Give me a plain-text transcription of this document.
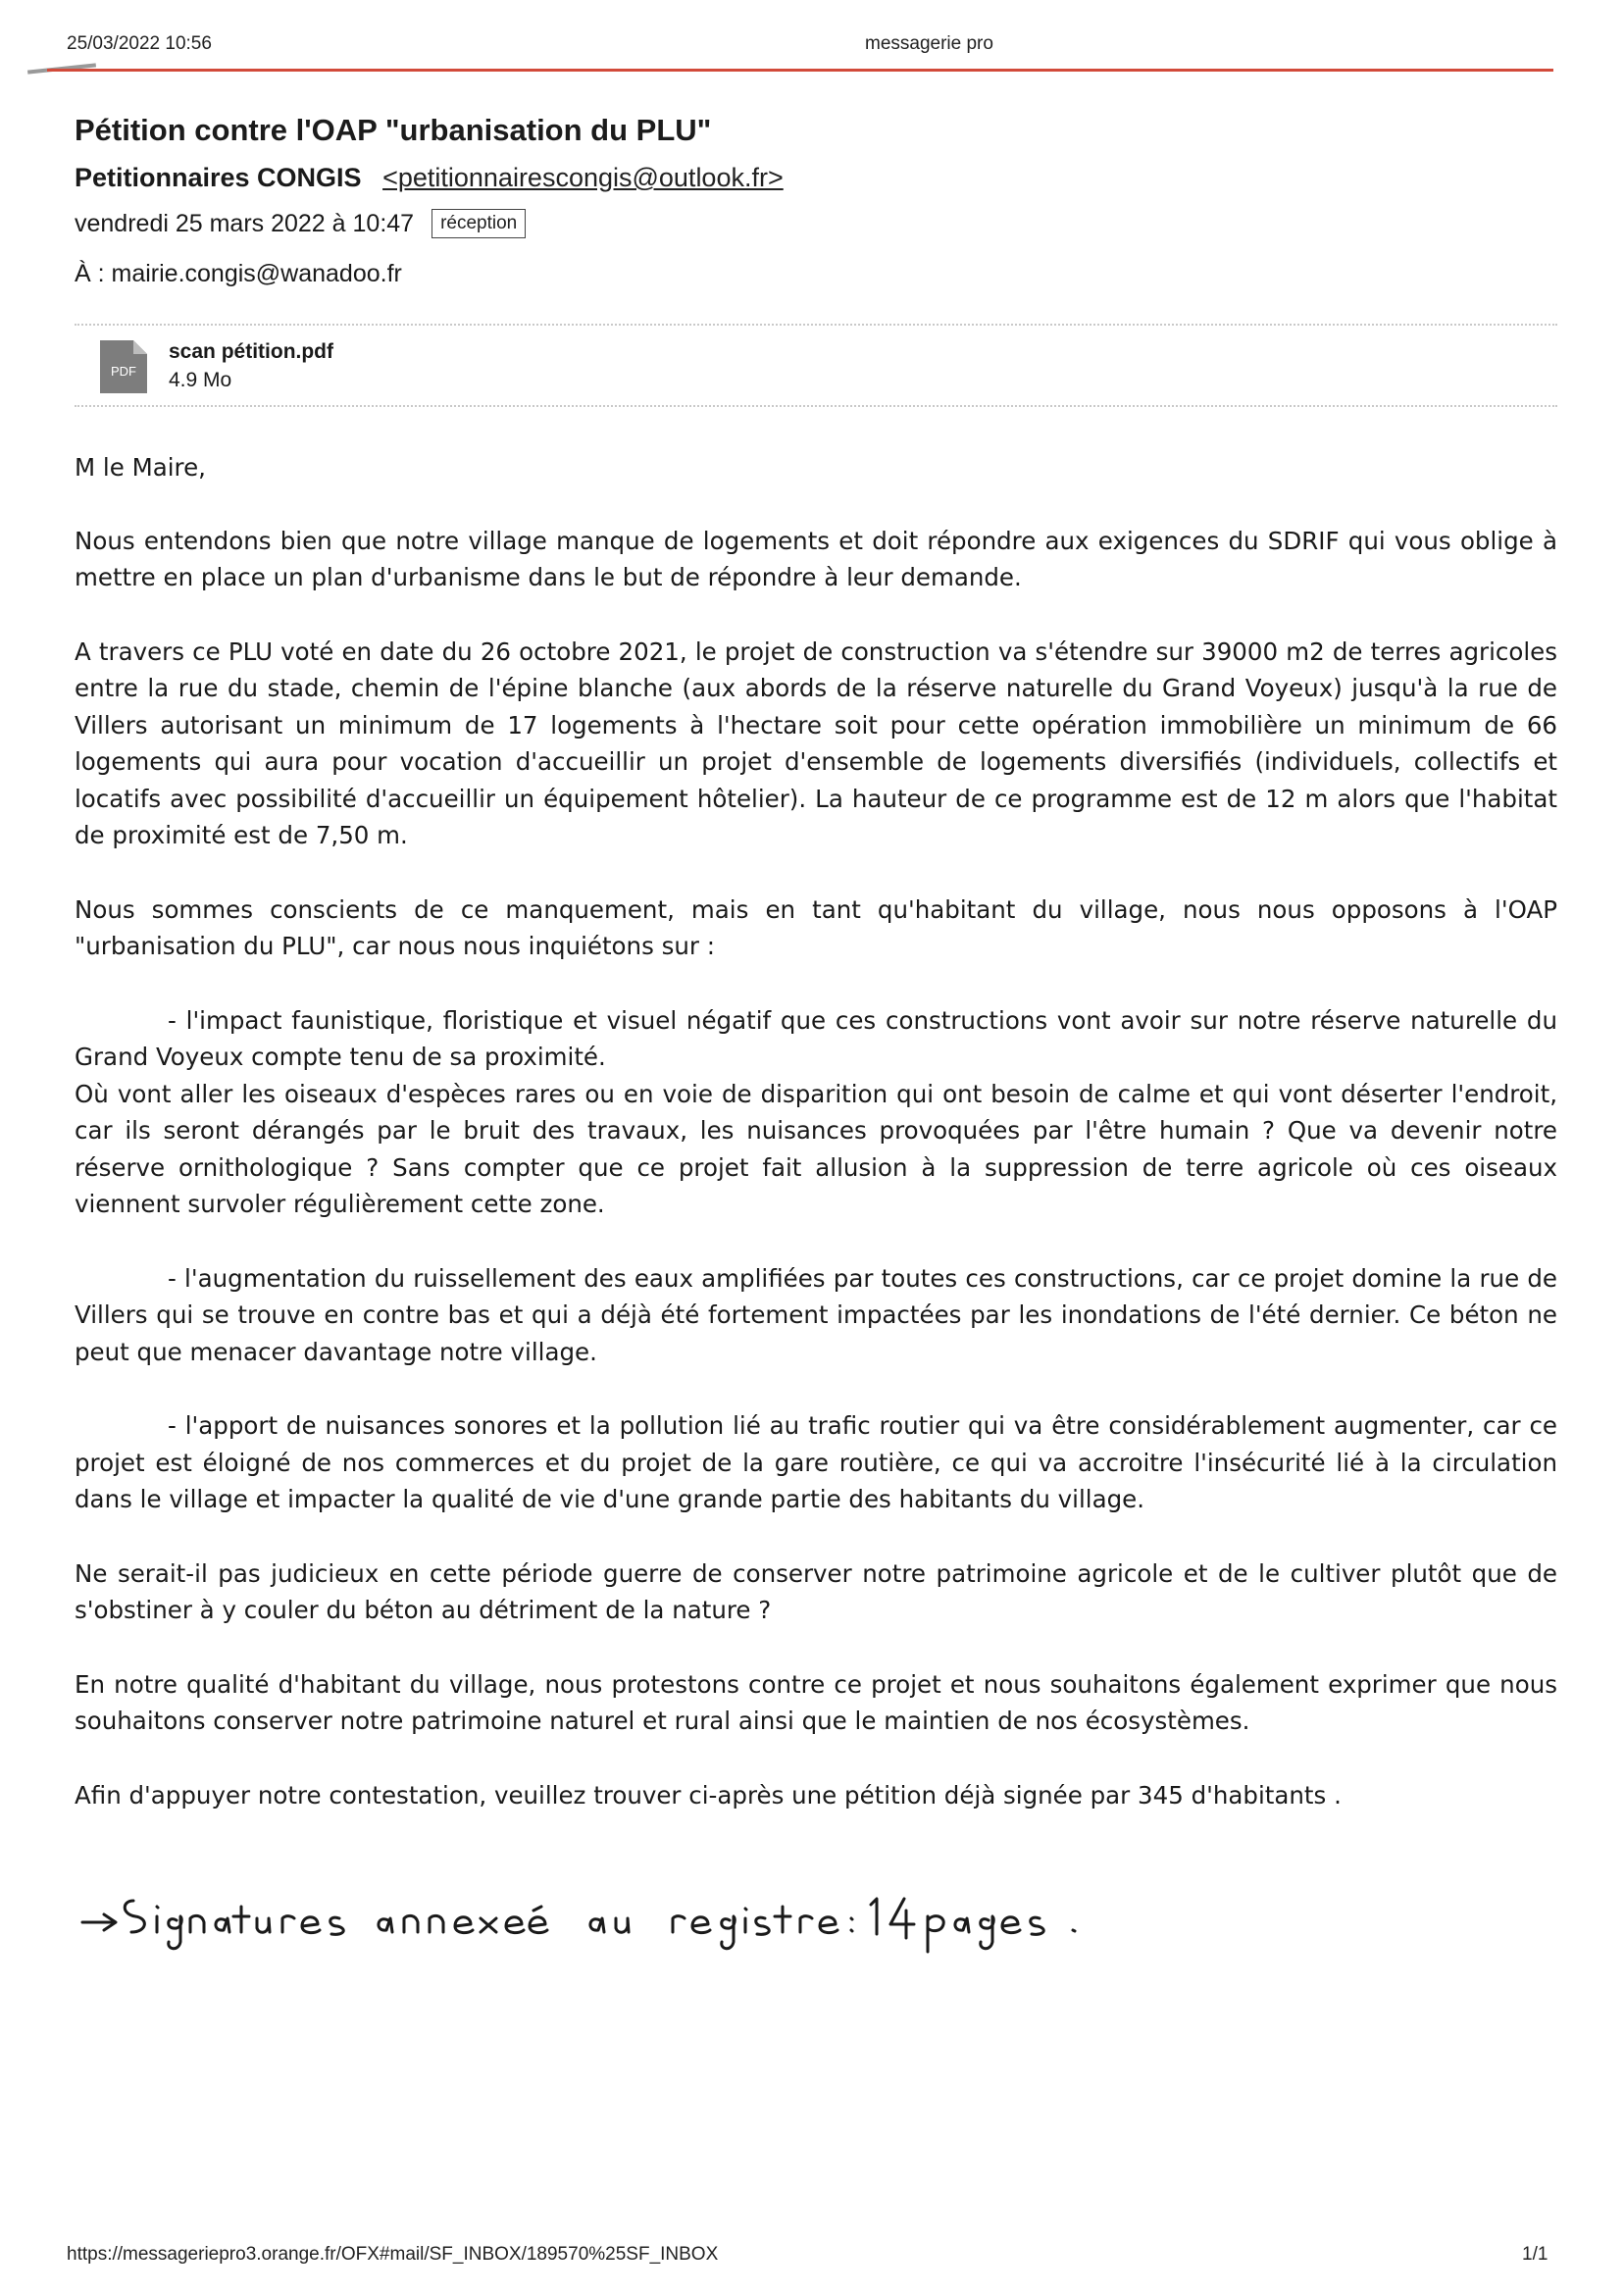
25/03/2022 10:56	messagerie pro
Pétition contre l'OAP "urbanisation du PLU"
Petitionnaires CONGIS <petitionnairescongis@outlook.fr>
vendredi 25 mars 2022 à 10:47	réception
À : mairie.congis@wanadoo.fr
PDF
scan pétition.pdf
4.9 Mo

M le Maire,

Nous entendons bien que notre village manque de logements et doit répondre aux exigences du SDRIF qui vous oblige à mettre en place un plan d'urbanisme dans le but de répondre à leur demande.

A travers ce PLU voté en date du 26 octobre 2021, le projet de construction va s'étendre sur 39000 m2 de terres agricoles entre la rue du stade, chemin de l'épine blanche (aux abords de la réserve naturelle du Grand Voyeux) jusqu'à la rue de Villers autorisant un minimum de 17 logements à l'hectare soit pour cette opération immobilière un minimum de 66 logements qui aura pour vocation d'accueillir un projet d'ensemble de logements diversifiés (individuels, collectifs et locatifs avec possibilité d'accueillir un équipement hôtelier). La hauteur de ce programme est de 12 m alors que l'habitat de proximité est de 7,50 m.

Nous sommes conscients de ce manquement, mais en tant qu'habitant du village, nous nous opposons à l'OAP "urbanisation du PLU", car nous nous inquiétons sur :

- l'impact faunistique, floristique et visuel négatif que ces constructions vont avoir sur notre réserve naturelle du Grand Voyeux compte tenu de sa proximité.

Où vont aller les oiseaux d'espèces rares ou en voie de disparition qui ont besoin de calme et qui vont déserter l'endroit, car ils seront dérangés par le bruit des travaux, les nuisances provoquées par l'être humain ? Que va devenir notre réserve ornithologique ? Sans compter que ce projet fait allusion à la suppression de terre agricole où ces oiseaux viennent survoler régulièrement cette zone.

- l'augmentation du ruissellement des eaux amplifiées par toutes ces constructions, car ce projet domine la rue de Villers qui se trouve en contre bas et qui a déjà été fortement impactées par les inondations de l'été dernier. Ce béton ne peut que menacer davantage notre village.

- l'apport de nuisances sonores et la pollution lié au trafic routier qui va être considérablement augmenter, car ce projet est éloigné de nos commerces et du projet de la gare routière, ce qui va accroitre l'insécurité lié à la circulation dans le village et impacter la qualité de vie d'une grande partie des habitants du village.

Ne serait-il pas judicieux en cette période guerre de conserver notre patrimoine agricole et de le cultiver plutôt que de s'obstiner à y couler du béton au détriment de la nature ?

En notre qualité d'habitant du village, nous protestons contre ce projet et nous souhaitons également exprimer que nous souhaitons conserver notre patrimoine naturel et rural ainsi que le maintien de nos écosystèmes.

Afin d'appuyer notre contestation, veuillez trouver ci-après une pétition déjà signée par 345 d'habitants .

https://messageriepro3.orange.fr/OFX#mail/SF_INBOX/189570%25SF_INBOX	1/1
